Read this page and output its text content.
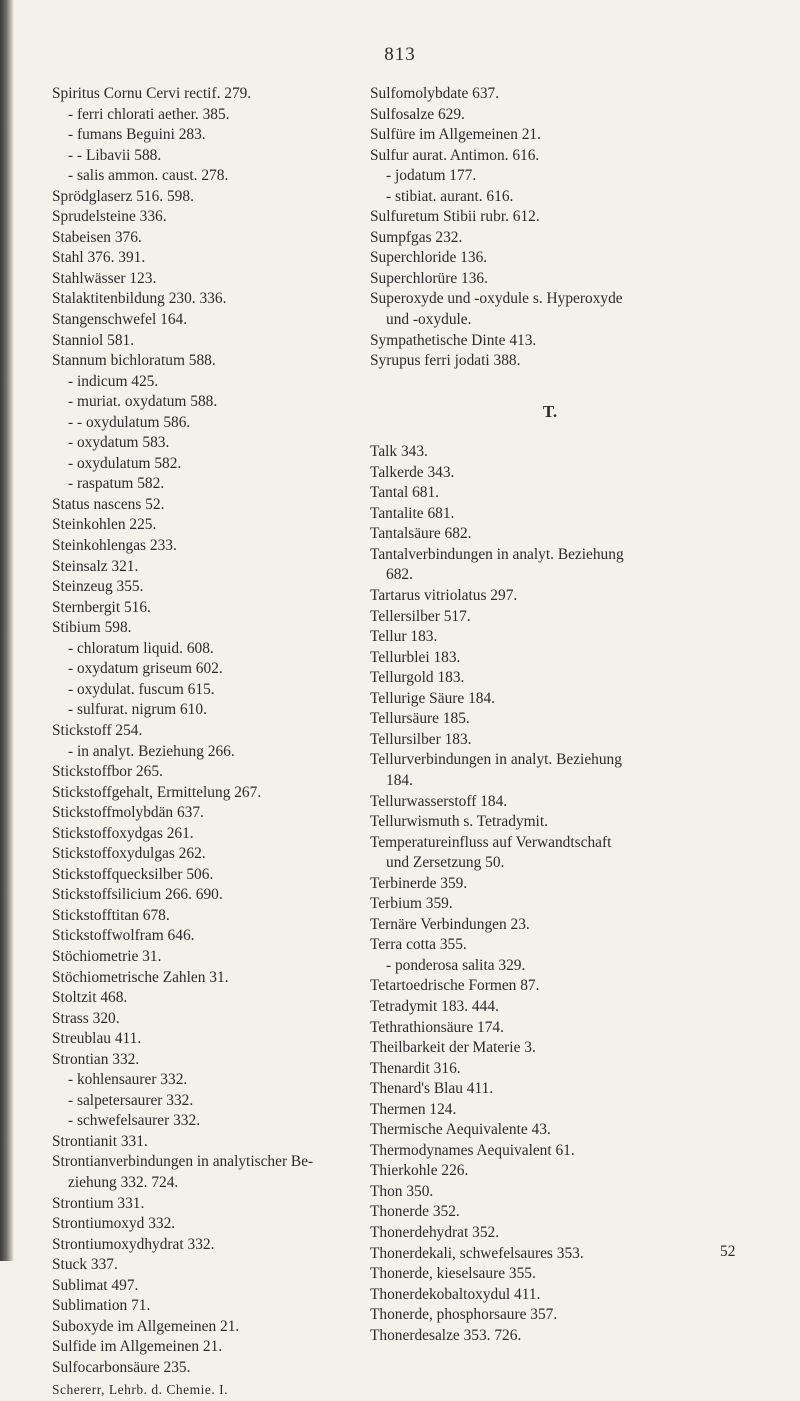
813
Spiritus Cornu Cervi rectif. 279.
- ferri chlorati aether. 385.
- fumans Beguini 283.
- - Libavii 588.
- salis ammon. caust. 278.
Sprödglaserz 516. 598.
Sprudelsteine 336.
Stabeisen 376.
Stahl 376. 391.
Stahlwässer 123.
Stalaktitenbildung 230. 336.
Stangenschwefel 164.
Stanniol 581.
Stannum bichloratum 588.
- indicum 425.
- muriat. oxydatum 588.
- - oxydulatum 586.
- oxydatum 583.
- oxydulatum 582.
- raspatum 582.
Status nascens 52.
Steinkohlen 225.
Steinkohlengas 233.
Steinsalz 321.
Steinzeug 355.
Sternbergit 516.
Stibium 598.
- chloratum liquid. 608.
- oxydatum griseum 602.
- oxydulat. fuscum 615.
- sulfurat. nigrum 610.
Stickstoff 254.
- in analyt. Beziehung 266.
Stickstoffbor 265.
Stickstoffgehalt, Ermittelung 267.
Stickstoffmolybdän 637.
Stickstoffoxydgas 261.
Stickstoffoxydulgas 262.
Stickstoffquecksilber 506.
Stickstoffsilicium 266. 690.
Stickstofftitan 678.
Stickstoffwolfram 646.
Stöchiometrie 31.
Stöchiometrische Zahlen 31.
Stoltzit 468.
Strass 320.
Streublau 411.
Strontian 332.
- kohlensaurer 332.
- salpetersaurer 332.
- schwefelsaurer 332.
Strontianit 331.
Strontianverbindungen in analytischer Be-
ziehung 332. 724.
Strontium 331.
Strontiumoxyd 332.
Strontiumoxydhydrat 332.
Stuck 337.
Sublimat 497.
Sublimation 71.
Suboxyde im Allgemeinen 21.
Sulfide im Allgemeinen 21.
Sulfocarbonsäure 235.
Schererr, Lehrb. d. Chemie. I.
Sulfomolybdate 637.
Sulfosalze 629.
Sulfüre im Allgemeinen 21.
Sulfur aurat. Antimon. 616.
- jodatum 177.
- stibiat. aurant. 616.
Sulfuretum Stibii rubr. 612.
Sumpfgas 232.
Superchloride 136.
Superchlorüre 136.
Superoxyde und -oxydule s. Hyperoxyde
und -oxydule.
Sympathetische Dinte 413.
Syrupus ferri jodati 388.
T.
Talk 343.
Talkerde 343.
Tantal 681.
Tantalite 681.
Tantalsäure 682.
Tantalverbindungen in analyt. Beziehung
682.
Tartarus vitriolatus 297.
Tellersilber 517.
Tellur 183.
Tellurblei 183.
Tellurgold 183.
Tellurige Säure 184.
Tellursäure 185.
Tellursilber 183.
Tellurverbindungen in analyt. Beziehung
184.
Tellurwasserstoff 184.
Tellurwismuth s. Tetradymit.
Temperatureinfluss auf Verwandtschaft
und Zersetzung 50.
Terbinerde 359.
Terbium 359.
Ternäre Verbindungen 23.
Terra cotta 355.
- ponderosa salita 329.
Tetartoedrische Formen 87.
Tetradymit 183. 444.
Tethrathionsäure 174.
Theilbarkeit der Materie 3.
Thenardit 316.
Thenard's Blau 411.
Thermen 124.
Thermische Aequivalente 43.
Thermodynames Aequivalent 61.
Thierkohle 226.
Thon 350.
Thonerde 352.
Thonerdehydrat 352.
Thonerdekali, schwefelsaures 353.
Thonerde, kieselsaure 355.
Thonerdekobaltoxydul 411.
Thonerde, phosphorsaure 357.
Thonerdesalze 353. 726.
52
